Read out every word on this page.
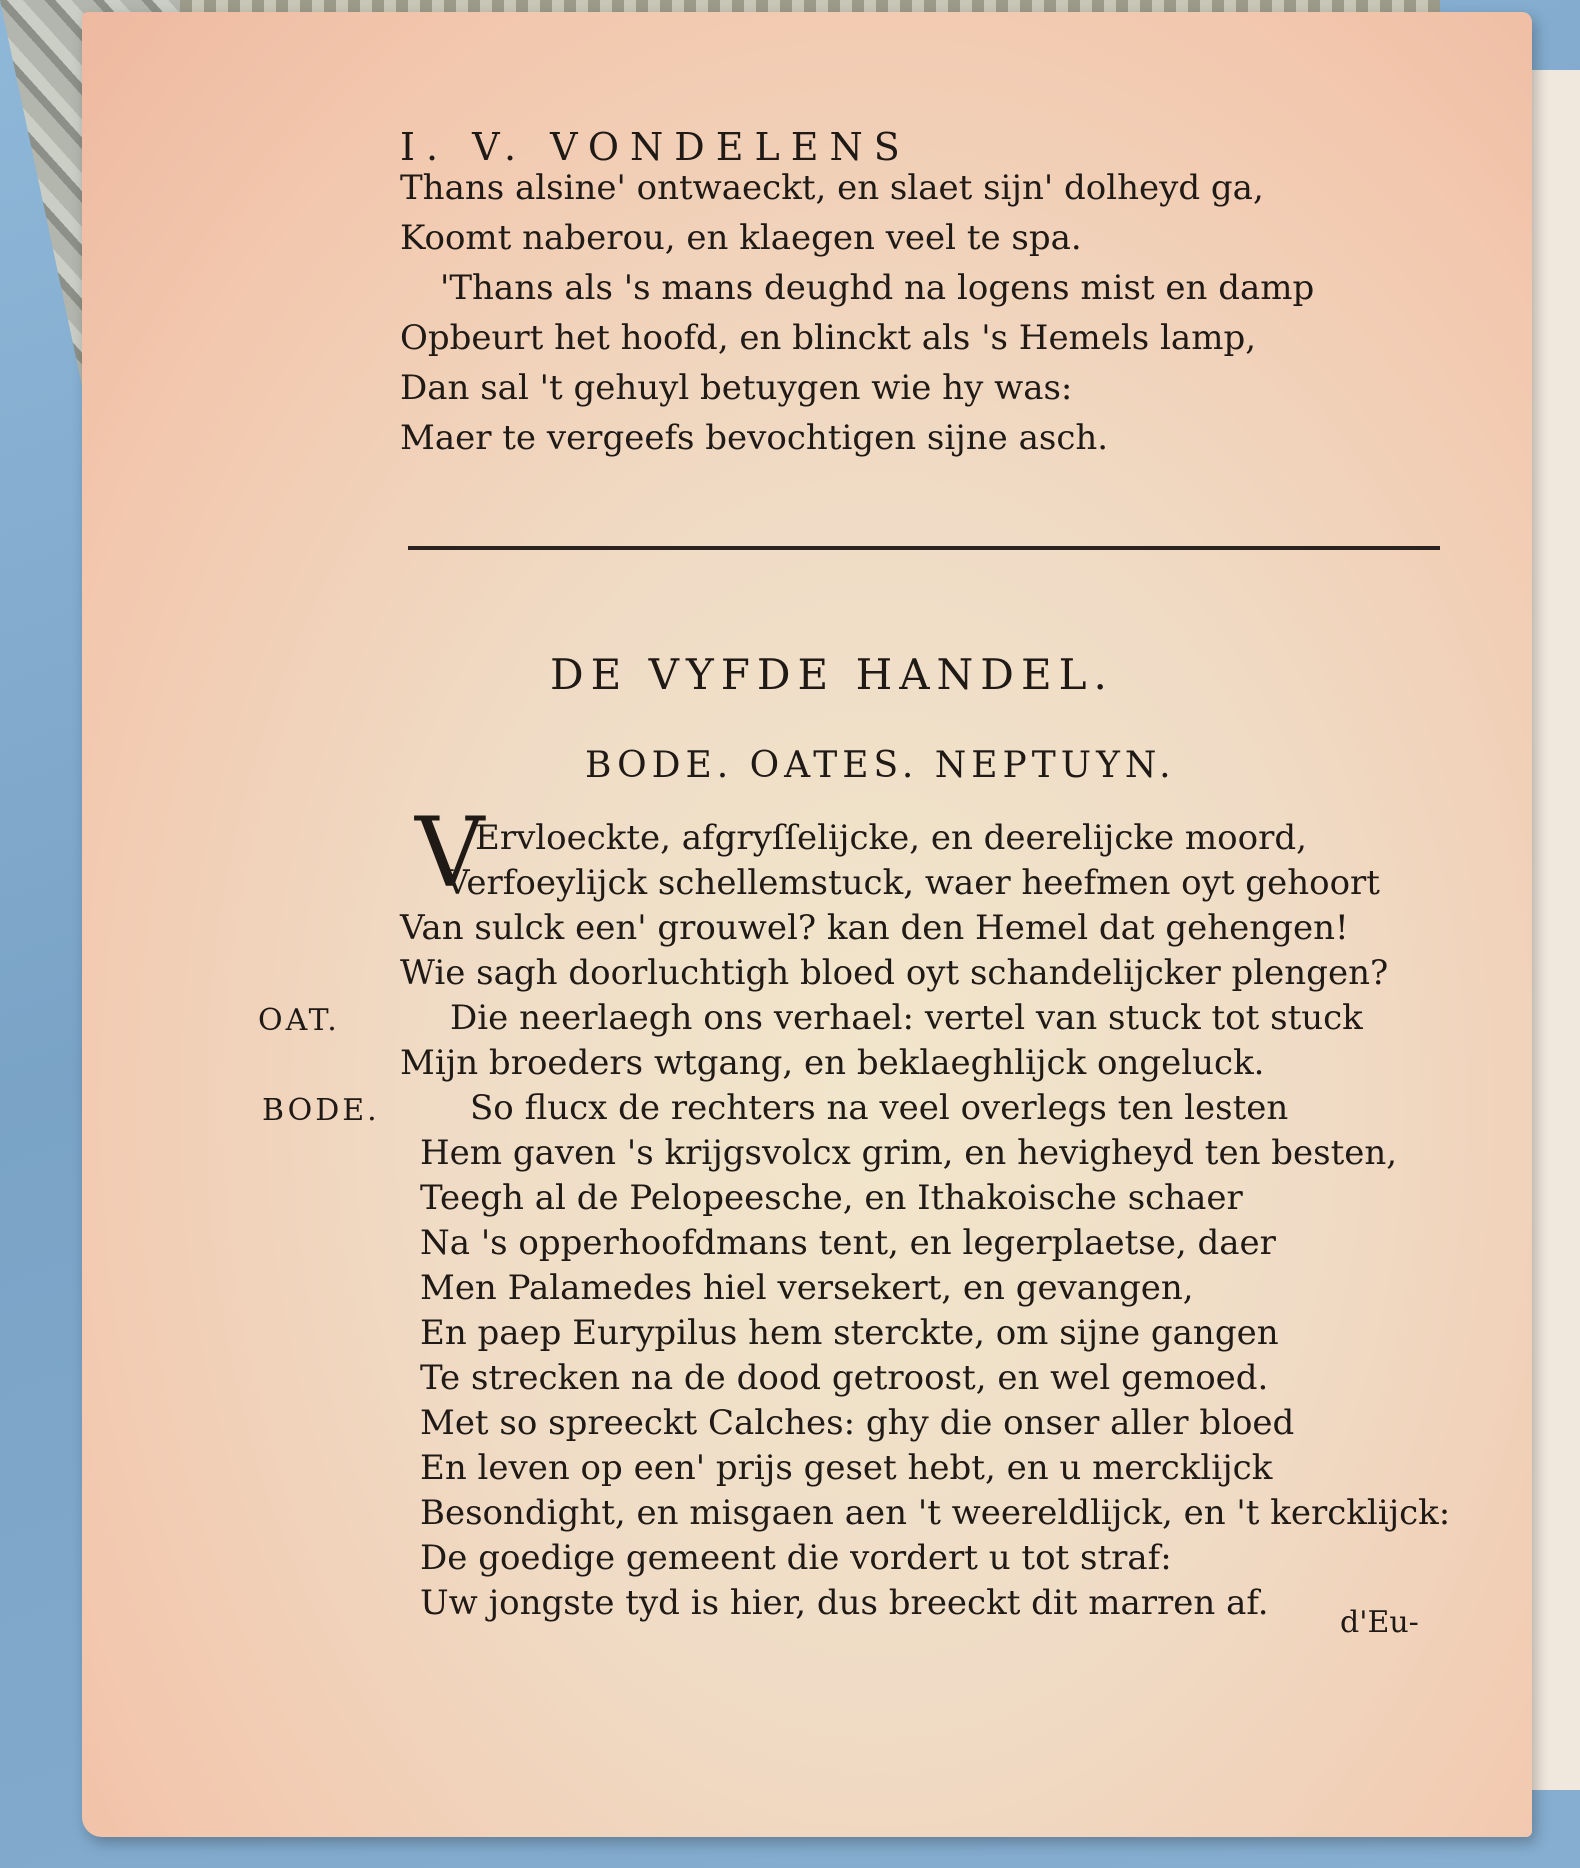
I. V. VONDELENS
Thans alsine' ontwaeckt, en slaet sijn' dolheyd ga,
Koomt naberou, en klaegen veel te spa.
'Thans als 's mans deughd na logens mist en damp
Opbeurt het hoofd, en blinckt als 's Hemels lamp,
Dan sal 't gehuyl betuygen wie hy was:
Maer te vergeefs bevochtigen sijne asch.
DE VYFDE HANDEL.
BODE. OATES. NEPTUYN.
V
Ervloeckte, afgryſſelijcke, en deerelijcke moord,
Verfoeylijck schellemstuck, waer heefmen oyt gehoort
Van sulck een' grouwel? kan den Hemel dat gehengen!
Wie sagh doorluchtigh bloed oyt schandelijcker plengen?
OAT.	Die neerlaegh ons verhael: vertel van stuck tot stuck
Mijn broeders wtgang, en beklaeghlijck ongeluck.
BODE.	So flucx de rechters na veel overlegs ten lesten
Hem gaven 's krijgsvolcx grim, en hevigheyd ten besten,
Teegh al de Pelopeesche, en Ithakoische schaer
Na 's opperhoofdmans tent, en legerplaetse, daer
Men Palamedes hiel versekert, en gevangen,
En paep Eurypilus hem sterckte, om sijne gangen
Te strecken na de dood getroost, en wel gemoed.
Met so spreeckt Calches: ghy die onser aller bloed
En leven op een' prijs geset hebt, en u mercklijck
Besondight, en misgaen aen 't weereldlijck, en 't kercklijck:
De goedige gemeent die vordert u tot straf:
Uw jongste tyd is hier, dus breeckt dit marren af. d'Eu-
